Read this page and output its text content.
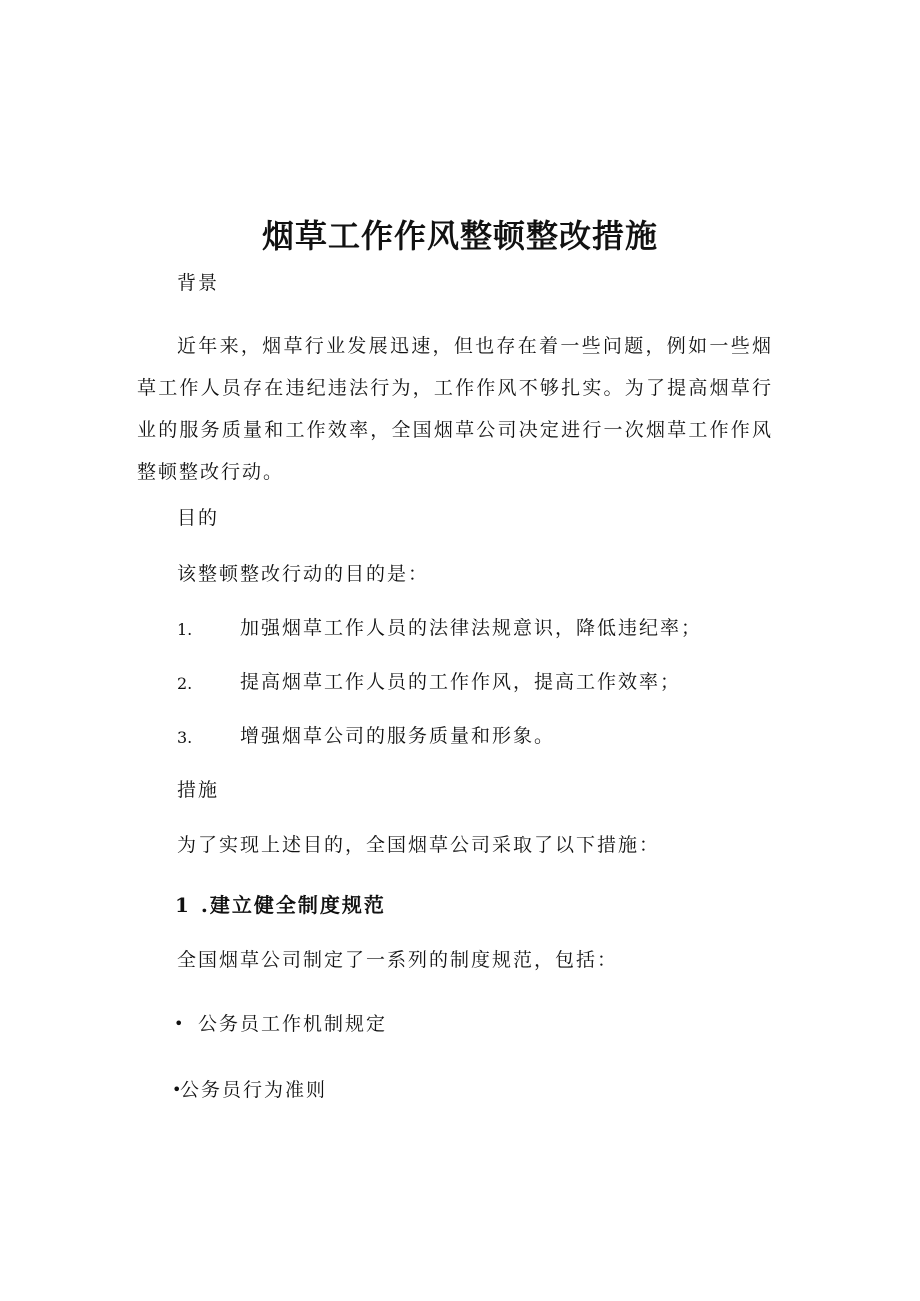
烟草工作作风整顿整改措施
背景
近年来，烟草行业发展迅速，但也存在着一些问题，例如一些烟草工作人员存在违纪违法行为，工作作风不够扎实。为了提高烟草行业的服务质量和工作效率，全国烟草公司决定进行一次烟草工作作风整顿整改行动。
目的
该整顿整改行动的目的是：
1.	加强烟草工作人员的法律法规意识，降低违纪率；
2.	提高烟草工作人员的工作作风，提高工作效率；
3.	增强烟草公司的服务质量和形象。
措施
为了实现上述目的，全国烟草公司采取了以下措施：
1 .建立健全制度规范
全国烟草公司制定了一系列的制度规范，包括：
• 公务员工作机制规定
•
公务员行为准则
